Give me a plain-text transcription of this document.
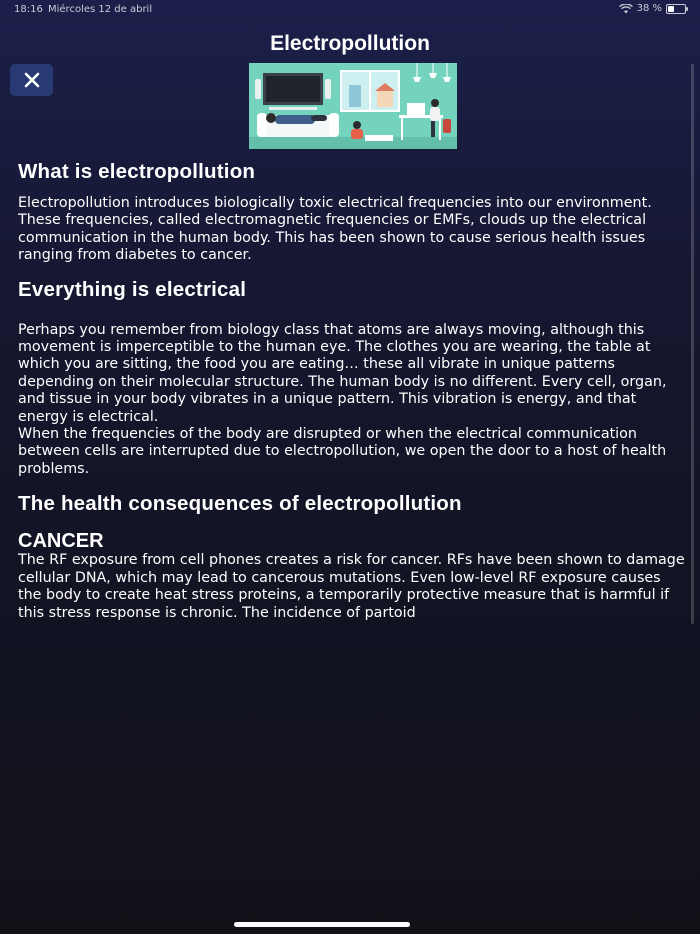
18:16 Miércoles 12 de abril	38 %
Electropollution
What is electropollution

Electropollution introduces biologically toxic electrical frequencies into our environment. These frequencies, called electromagnetic frequencies or EMFs, clouds up the electrical communication in the human body. This has been shown to cause serious health issues ranging from diabetes to cancer.

Everything is electrical

Perhaps you remember from biology class that atoms are always moving, although this movement is imperceptible to the human eye. The clothes you are wearing, the table at which you are sitting, the food you are eating… these all vibrate in unique patterns depending on their molecular structure. The human body is no different. Every cell, organ, and tissue in your body vibrates in a unique pattern. This vibration is energy, and that energy is electrical.

When the frequencies of the body are disrupted or when the electrical communication between cells are interrupted due to electropollution, we open the door to a host of health problems.

The health consequences of electropollution
CANCER

The RF exposure from cell phones creates a risk for cancer. RFs have been shown to damage cellular DNA, which may lead to cancerous mutations. Even low-level RF exposure causes the body to create heat stress proteins, a temporarily protective measure that is harmful if this stress response is chronic. The incidence of partoid
